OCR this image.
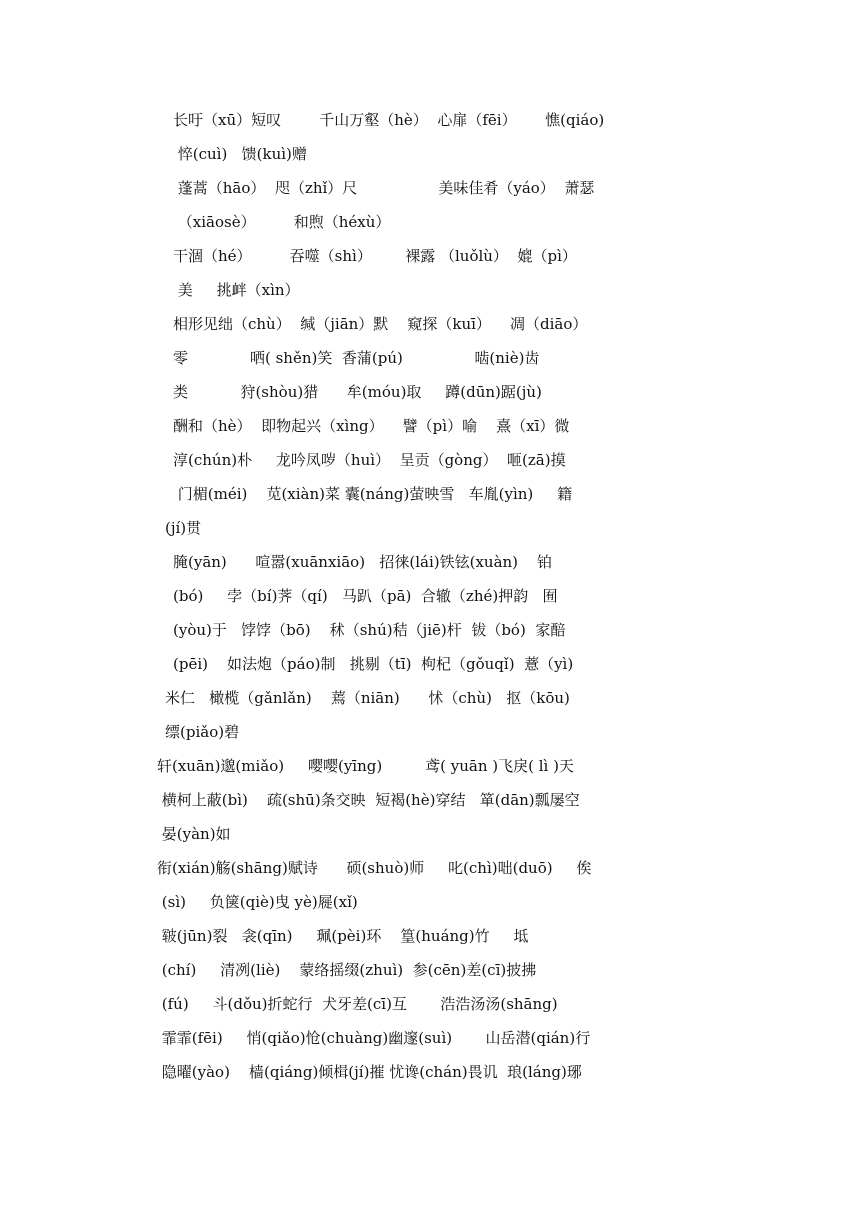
长吁（xū）短叹        千山万壑（hè）  心扉（fēi）      憔(qiáo)

悴(cuì)   馈(kuì)赠

蓬蒿（hāo）  咫（zhǐ）尺                 美味佳肴（yáo）  萧瑟

（xiāosè）        和煦（héxù）

干涸（hé）        吞噬（shì）       裸露 （luǒlù）  媲（pì）

美     挑衅（xìn）

相形见绌（chù）  缄（jiān）默    窥探（kuī）    凋（diāo）

零             哂( shěn)笑  香蒲(pú)               啮(niè)齿

类           狩(shòu)猎      牟(móu)取     蹲(dūn)踞(jù)

酬和（hè）  即物起兴（xìng）    譬（pì）喻    熹（xī）微

淳(chún)朴     龙吟凤哕（huì）  呈贡（gòng）  咂(zā)摸

门楣(méi)    苋(xiàn)菜 囊(náng)萤映雪   车胤(yìn)     籍

(jí)贯

腌(yān)      喧嚣(xuānxiāo)   招徕(lái)铁铉(xuàn)    铂

(bó)     孛（bí)荠（qí)   马趴（pā)  合辙（zhé)押韵   囿

(yòu)于   饽饽（bō)    秫（shú)秸（jiē)杆  钹（bó)  家醅

(pēi)    如法炮（páo)制   挑剔（tī)  枸杞（gǒuqǐ)  薏（yì)

米仁   橄榄（gǎnlǎn)    蔫（niān)      怵（chù)   抠（kōu)

缥(piǎo)碧

轩(xuān)邈(miǎo)     嘤嘤(yīng)         鸢( yuān )飞戾( lì )天

横柯上蔽(bì)    疏(shū)条交映  短褐(hè)穿结   箪(dān)瓢屡空

晏(yàn)如

衔(xián)觞(shāng)赋诗      硕(shuò)师     叱(chì)咄(duō)     俟

(sì)     负箧(qiè)曳 yè)屣(xǐ)

皲(jūn)裂   衾(qīn)     珮(pèi)环    篁(huáng)竹     坻

(chí)     清冽(liè)    蒙络摇缀(zhuì)  参(cēn)差(cī)披拂

(fú)     斗(dǒu)折蛇行  犬牙差(cī)互       浩浩汤汤(shāng)

霏霏(fēi)     悄(qiǎo)怆(chuàng)幽邃(suì)       山岳潜(qián)行

隐曜(yào)    樯(qiáng)倾楫(jí)摧 忧谗(chán)畏讥  琅(láng)琊
